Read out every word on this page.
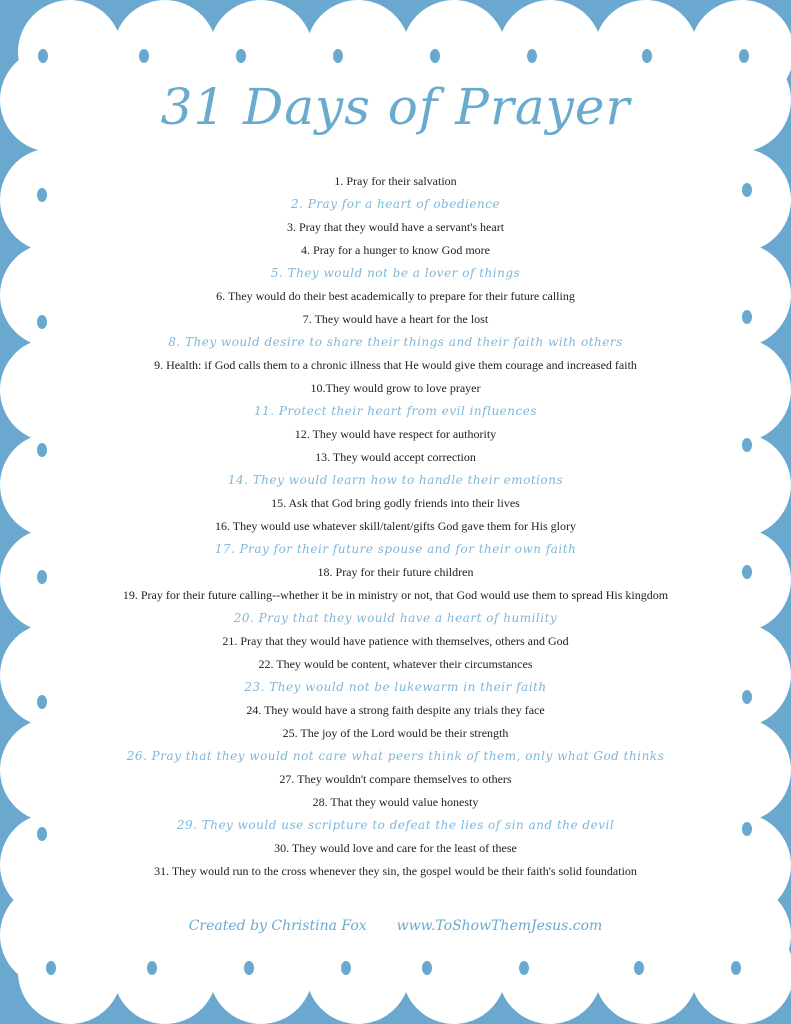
31 Days of Prayer
1. Pray for their salvation
2. Pray for a heart of obedience
3. Pray that they would have a servant's heart
4. Pray for a hunger to know God more
5. They would not be a lover of things
6. They would do their best academically to prepare for their future calling
7. They would have a heart for the lost
8. They would desire to share their things and their faith with others
9. Health: if God calls them to a chronic illness that He would give them courage and increased faith
10.They would grow to love prayer
11. Protect their heart from evil influences
12. They would have respect for authority
13. They would accept correction
14. They would learn how to handle their emotions
15. Ask that God bring godly friends into their lives
16. They would use whatever skill/talent/gifts God gave them for His glory
17. Pray for their future spouse and for their own faith
18. Pray for their future children
19. Pray for their future calling--whether it be in ministry or not, that God would use them to spread His kingdom
20. Pray that they would have a heart of humility
21. Pray that they would have patience with themselves, others and God
22. They would be content, whatever their circumstances
23. They would not be lukewarm in their faith
24. They would have a strong faith despite any trials they face
25. The joy of the Lord would be their strength
26. Pray that they would not care what peers think of them, only what God thinks
27. They wouldn't compare themselves to others
28. That they would value honesty
29. They would use scripture to defeat the lies of sin and the devil
30. They would love and care for the least of these
31. They would run to the cross whenever they sin, the gospel would be their faith's solid foundation
Created by Christina Fox www.ToShowThemJesus.com
